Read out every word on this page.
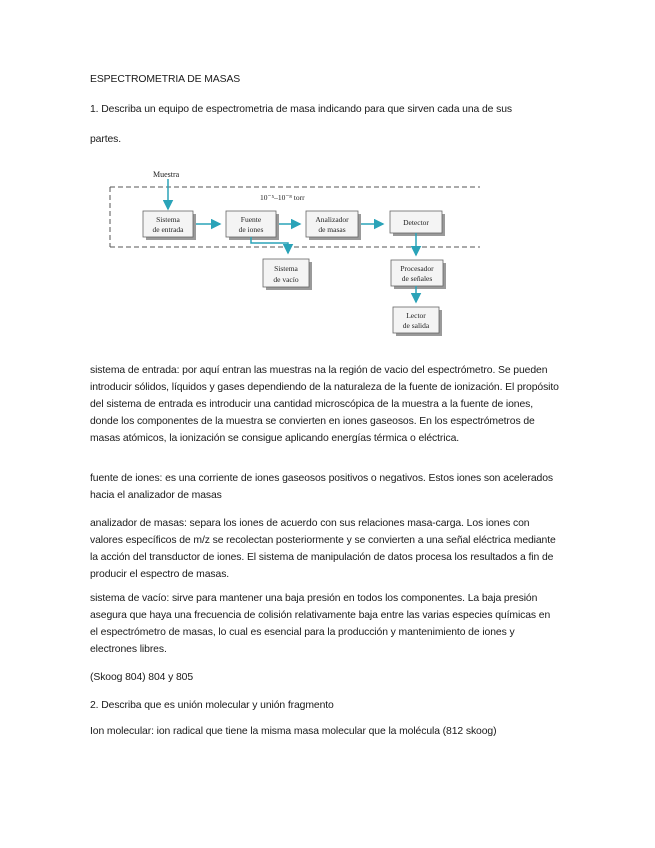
ESPECTROMETRIA DE MASAS

1. Describa un equipo de espectrometria de masa indicando para que sirven cada una de sus

partes.

Muestra
10⁻⁵–10⁻⁸ torr
Sistema
de entrada
Fuente
de iones
Analizador
de masas
Detector
Sistema
de vacío
Procesador
de señales
Lector
de salida

sistema de entrada: por aquí entran las muestras na la región de vacio del espectrómetro. Se pueden introducir sólidos, líquidos y gases dependiendo de la naturaleza de la fuente de ionización. El propósito del sistema de entrada es introducir una cantidad microscópica de la muestra a la fuente de iones, donde los componentes de la muestra se convierten en iones gaseosos. En los espectrómetros de masas atómicos, la ionización se consigue aplicando energías térmica o eléctrica.

fuente de iones: es una corriente de iones gaseosos positivos o negativos. Estos iones son acelerados hacia el analizador de masas

analizador de masas: separa los iones de acuerdo con sus relaciones masa-carga. Los iones con valores específicos de m/z se recolectan posteriormente y se convierten a una señal eléctrica mediante la acción del transductor de iones. El sistema de manipulación de datos procesa los resultados a fin de producir el espectro de masas.

sistema de vacío: sirve para mantener una baja presión en todos los componentes. La baja presión asegura que haya una frecuencia de colisión relativamente baja entre las varias especies químicas en el espectrómetro de masas, lo cual es esencial para la producción y mantenimiento de iones y electrones libres.

(Skoog 804) 804 y 805

2. Describa que es unión molecular y unión fragmento

Ion molecular: ion radical que tiene la misma masa molecular que la molécula (812 skoog)
